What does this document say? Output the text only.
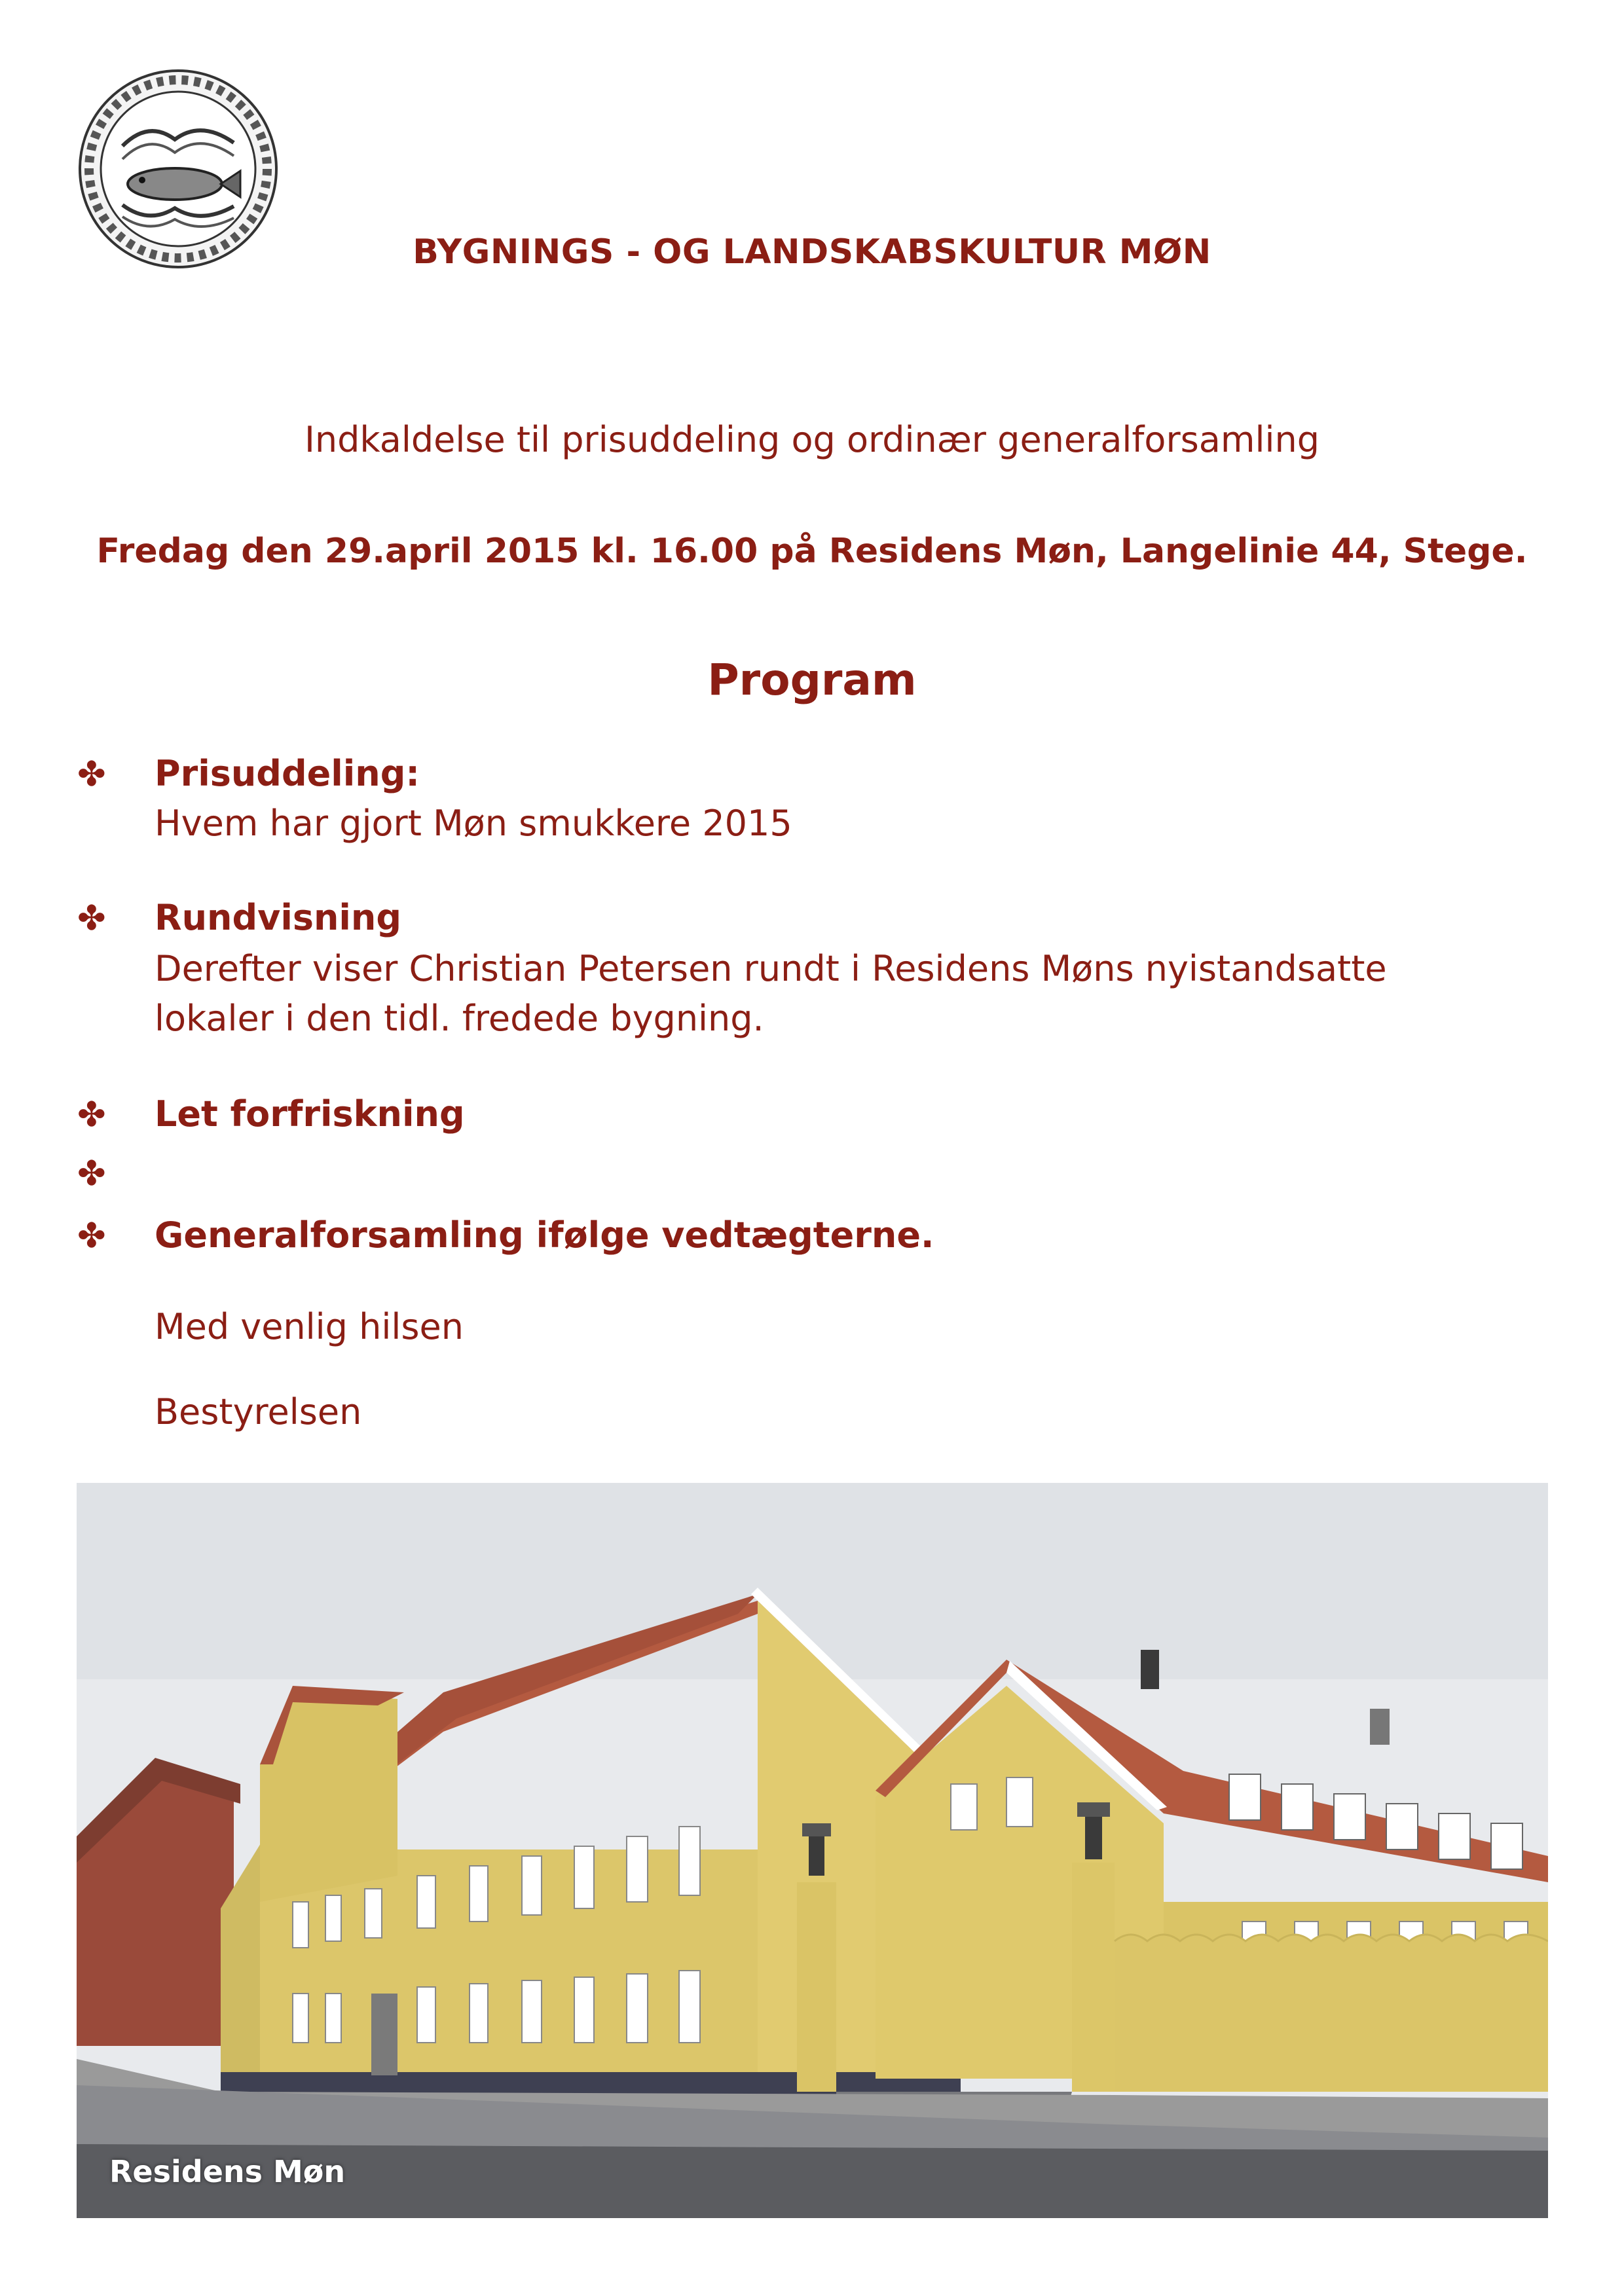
BYGNINGS - OG LANDSKABSKULTUR MØN
Indkaldelse til prisuddeling og ordinær generalforsamling
Fredag den 29.april 2015 kl. 16.00 på Residens Møn, Langelinie 44, Stege.
Program
✤ Prisuddeling:
Hvem har gjort Møn smukkere 2015
✤ Rundvisning
Derefter viser Christian Petersen rundt i Residens Møns nyistandsatte
lokaler i den tidl. fredede bygning.
✤ Let forfriskning
✤
✤ Generalforsamling ifølge vedtægterne.
Med venlig hilsen
Bestyrelsen
Residens Møn
